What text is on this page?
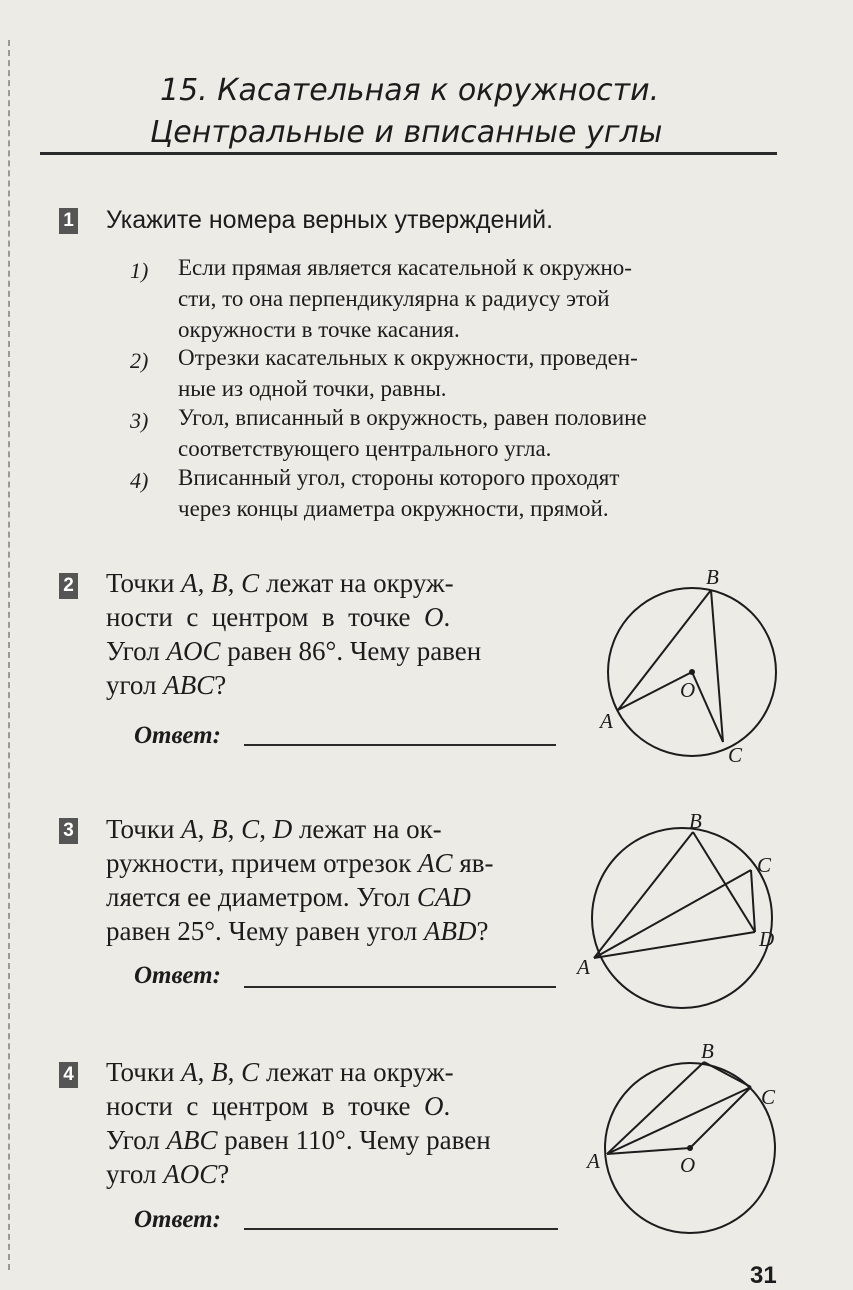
15. Касательная к окружности.
Центральные и вписанные углы
1 Укажите номера верных утверждений.
1) Если прямая является касательной к окружно-
сти, то она перпендикулярна к радиусу этой
окружности в точке касания.
2) Отрезки касательных к окружности, проведен-
ные из одной точки, равны.
3) Угол, вписанный в окружность, равен половине
соответствующего центрального угла.
4) Вписанный угол, стороны которого проходят
через концы диаметра окружности, прямой.
2 Точки A, B, C лежат на окруж-
ности  с  центром  в  точке  O.
Угол AOC равен 86°. Чему равен
угол ABC?
Ответ:
B
O
A
C
3 Точки A, B, C, D лежат на ок-
ружности, причем отрезок AC яв-
ляется ее диаметром. Угол CAD
равен 25°. Чему равен угол ABD?
Ответ:
B
C
D
A
4 Точки A, B, C лежат на окруж-
ности  с  центром  в  точке  O.
Угол ABC равен 110°. Чему равен
угол AOC?
Ответ:
B
C
A	O
31
